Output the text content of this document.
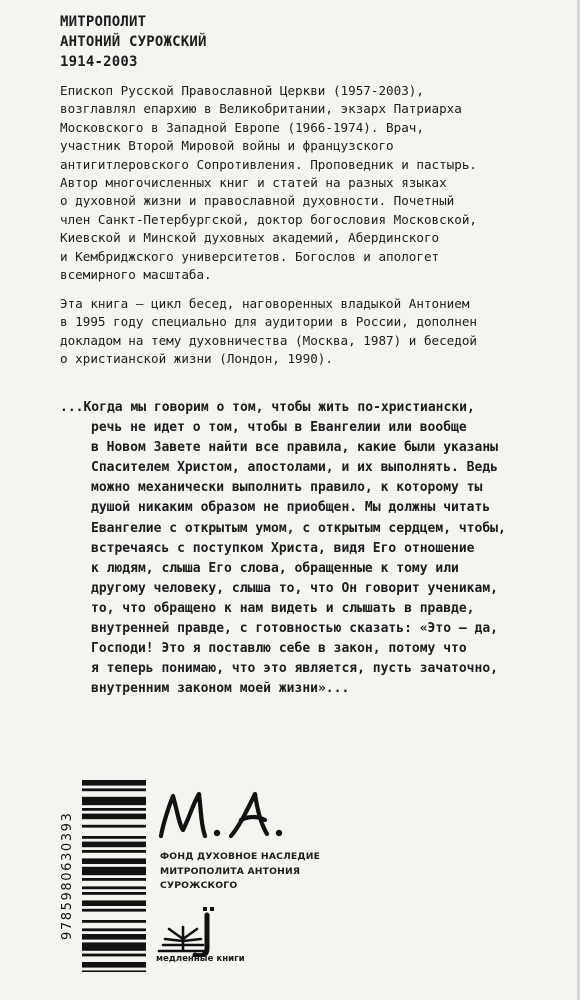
МИТРОПОЛИТ
АНТОНИЙ СУРОЖСКИЙ
1914-2003
Епископ Русской Православной Церкви (1957-2003),
возглавлял епархию в Великобритании, экзарх Патриарха
Московского в Западной Европе (1966-1974). Врач,
участник Второй Мировой войны и французского
антигитлеровского Сопротивления. Проповедник и пастырь.
Автор многочисленных книг и статей на разных языках
о духовной жизни и православной духовности. Почетный
член Санкт-Петербургской, доктор богословия Московской,
Киевской и Минской духовных академий, Абердинского
и Кембриджского университетов. Богослов и апологет
всемирного масштаба.
Эта книга — цикл бесед, наговоренных владыкой Антонием
в 1995 году специально для аудитории в России, дополнен
докладом на тему духовничества (Москва, 1987) и беседой
о христианской жизни (Лондон, 1990).
...Когда мы говорим о том, чтобы жить по-христиански,
речь не идет о том, чтобы в Евангелии или вообще
в Новом Завете найти все правила, какие были указаны
Спасителем Христом, апостолами, и их выполнять. Ведь
можно механически выполнить правило, к которому ты
душой никаким образом не приобщен. Мы должны читать
Евангелие с открытым умом, с открытым сердцем, чтобы,
встречаясь с поступком Христа, видя Его отношение
к людям, слыша Его слова, обращенные к тому или
другому человеку, слыша то, что Он говорит ученикам,
то, что обращено к нам видеть и слышать в правде,
внутренней правде, с готовностью сказать: «Это — да,
Господи! Это я поставлю себе в закон, потому что
я теперь понимаю, что это является, пусть зачаточно,
внутренним законом моей жизни»...
9785980630393	ФОНД ДУХОВНОЕ НАСЛЕДИЕ
МИТРОПОЛИТА АНТОНИЯ
СУРОЖСКОГО
медленные книги
